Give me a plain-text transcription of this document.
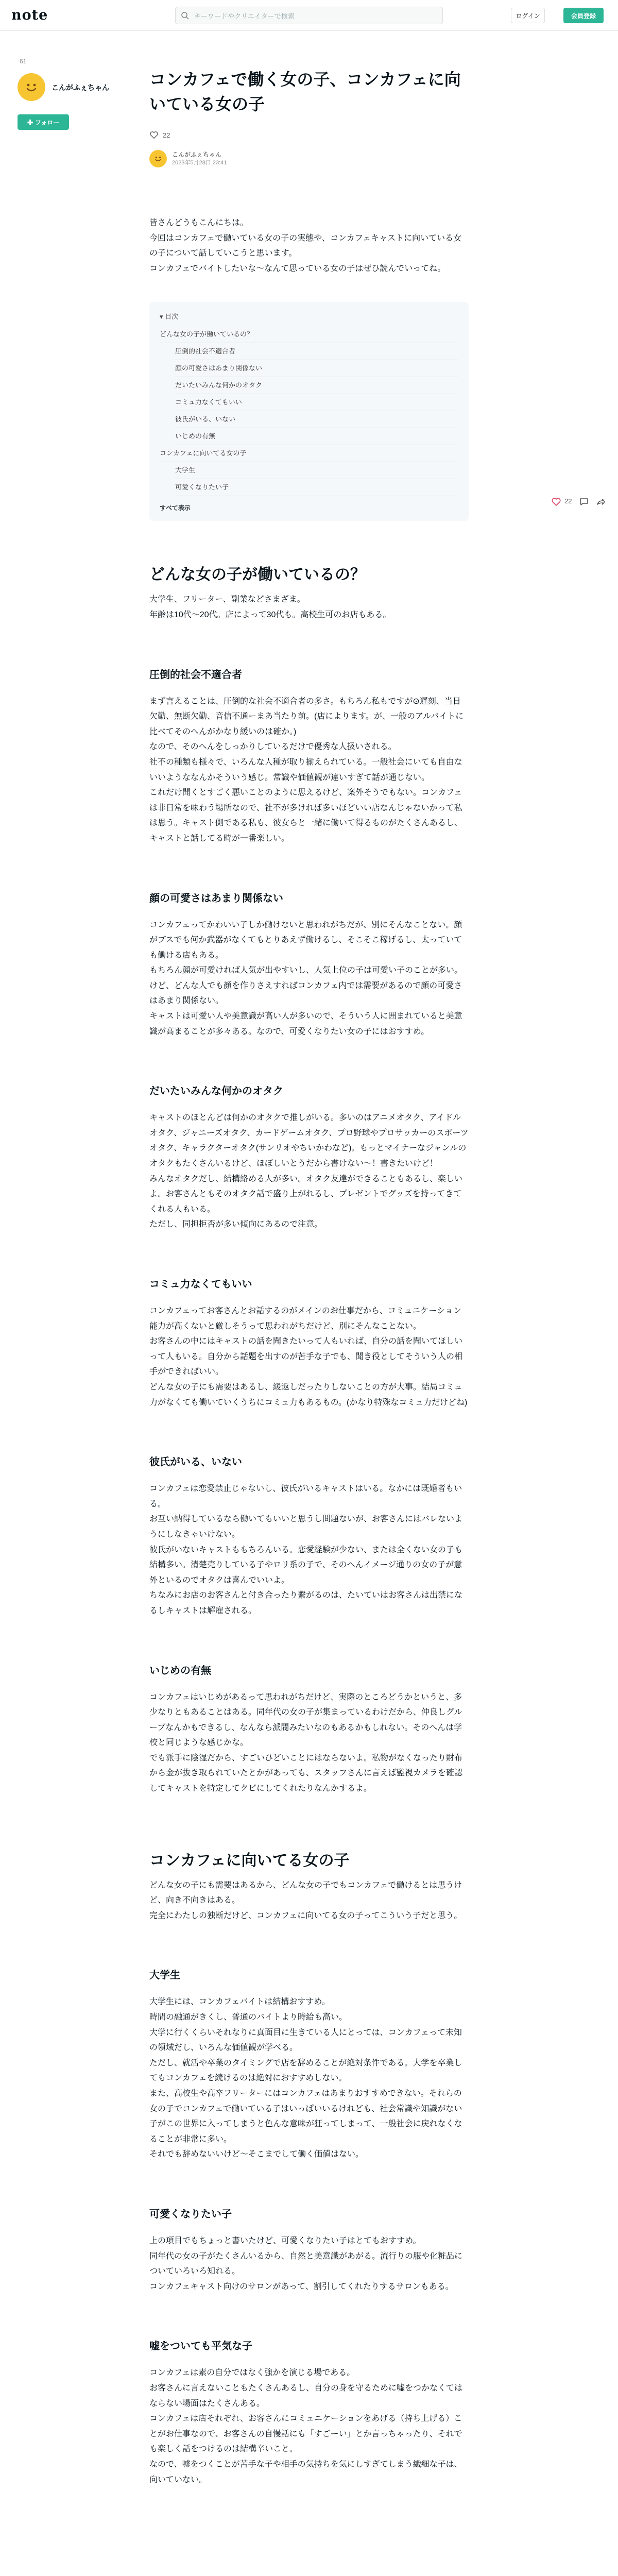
note
キーワードやクリエイターで検索	ログイン	会員登録
61
こんがふぇちゃん
✚ フォロー
22
コンカフェで働く女の子、コンカフェに向いている女の子
22
こんがふぇちゃん
2023年5月28日 23:41

皆さんどうもこんにちは。

今回はコンカフェで働いている女の子の実態や、コンカフェキャストに向いている女の子について話していこうと思います。

コンカフェでバイトしたいな〜なんて思っている女の子はぜひ読んでいってね。

▾ 目次
どんな女の子が働いているの？
圧倒的社会不適合者
顔の可愛さはあまり関係ない
だいたいみんな何かのオタク
コミュ力なくてもいい
彼氏がいる、いない
いじめの有無
コンカフェに向いてる女の子
大学生
可愛くなりたい子
すべて表示
どんな女の子が働いているの？

大学生、フリーター、副業などさまざま。

年齢は10代〜20代。店によって30代も。高校生可のお店もある。

圧倒的社会不適合者

まず言えることは、圧倒的な社会不適合者の多さ。もちろん私もですが⊙遅刻、当日欠勤、無断欠勤、音信不通ーまあ当たり前。(店によります。が、一般のアルバイトに比べてそのへんがかなり緩いのは確か。)

なので、そのへんをしっかりしているだけで優秀な人扱いされる。

社不の種類も様々で、いろんな人種が取り揃えられている。一般社会にいても自由ないいようななんかそういう感じ。常識や価値観が違いすぎて話が通じない。

これだけ聞くとすごく悪いことのように思えるけど、案外そうでもない。コンカフェは非日常を味わう場所なので、社不が多ければ多いほどいい店なんじゃないかって私は思う。キャスト側である私も、彼女らと一緒に働いて得るものがたくさんあるし、キャストと話してる時が一番楽しい。

顔の可愛さはあまり関係ない

コンカフェってかわいい子しか働けないと思われがちだが、別にそんなことない。顔がブスでも何か武器がなくてもとりあえず働けるし、そこそこ稼げるし、太っていても働ける店もある。

もちろん顔が可愛ければ人気が出やすいし、人気上位の子は可愛い子のことが多い。けど、どんな人でも顔を作りさえすればコンカフェ内では需要があるので顔の可愛さはあまり関係ない。

キャストは可愛い人や美意識が高い人が多いので、そういう人に囲まれていると美意識が高まることが多々ある。なので、可愛くなりたい女の子にはおすすめ。

だいたいみんな何かのオタク

キャストのほとんどは何かのオタクで推しがいる。多いのはアニメオタク、アイドルオタク、ジャニーズオタク、カードゲームオタク、プロ野球やプロサッカーのスポーツオタク、キャラクターオタク(サンリオやちいかわなど)。もっとマイナーなジャンルのオタクもたくさんいるけど、ほぼしいとうだから書けない〜！書きたいけど！

みんなオタクだし、結構絡める人が多い。オタク友達ができることもあるし、楽しいよ。お客さんともそのオタク話で盛り上がれるし、プレゼントでグッズを持ってきてくれる人もいる。

ただし、同担拒否が多い傾向にあるので注意。

コミュ力なくてもいい

コンカフェってお客さんとお話するのがメインのお仕事だから、コミュニケーション能力が高くないと厳しそうって思われがちだけど、別にそんなことない。

お客さんの中にはキャストの話を聞きたいって人もいれば、自分の話を聞いてほしいって人もいる。自分から話題を出すのが苦手な子でも、聞き役としてそういう人の相手ができればいい。

どんな女の子にも需要はあるし、緩返しだったりしないことの方が大事。結局コミュ力がなくても働いていくうちにコミュ力もあるもの。(かなり特殊なコミュ力だけどね)

彼氏がいる、いない

コンカフェは恋愛禁止じゃないし、彼氏がいるキャストはいる。なかには既婚者もいる。

お互い納得しているなら働いてもいいと思うし問題ないが、お客さんにはバレないようにしなきゃいけない。

彼氏がいないキャストももちろんいる。恋愛経験が少ない、または全くない女の子も結構多い。清楚売りしている子やロリ系の子で、そのへんイメージ通りの女の子が意外といるのでオタクは喜んでいいよ。

ちなみにお店のお客さんと付き合ったり繋がるのは、たいていはお客さんは出禁になるしキャストは解雇される。

いじめの有無

コンカフェはいじめがあるって思われがちだけど、実際のところどうかというと、多少なりともあることはある。同年代の女の子が集まっているわけだから、仲良しグループなんかもできるし、なんなら派閥みたいなのもあるかもしれない。そのへんは学校と同じような感じかな。

でも派手に陰湿だから、すごいひどいことにはならないよ。私物がなくなったり財布から金が抜き取られていたとかがあっても、スタッフさんに言えば監視カメラを確認してキャストを特定してクビにしてくれたりなんかするよ。

コンカフェに向いてる女の子

どんな女の子にも需要はあるから、どんな女の子でもコンカフェで働けるとは思うけど、向き不向きはある。

完全にわたしの独断だけど、コンカフェに向いてる女の子ってこういう子だと思う。

大学生

大学生には、コンカフェバイトは結構おすすめ。

時間の融通がきくし、普通のバイトより時給も高い。

大学に行くくらいそれなりに真面目に生きている人にとっては、コンカフェって未知の領域だし、いろんな価値観が学べる。

ただし、就活や卒業のタイミングで店を辞めることが絶対条件である。大学を卒業してもコンカフェを続けるのは絶対におすすめしない。

また、高校生や高卒フリーターにはコンカフェはあまりおすすめできない。それらの女の子でコンカフェで働いている子はいっぱいいるけれども、社会常識や知識がない子がこの世界に入ってしまうと色んな意味が狂ってしまって、一般社会に戻れなくなることが非常に多い。

それでも辞めないいけど〜そこまでして働く価値はない。

可愛くなりたい子

上の項目でもちょっと書いたけど、可愛くなりたい子はとてもおすすめ。

同年代の女の子がたくさんいるから、自然と美意識があがる。流行りの服や化粧品についていろいろ知れる。

コンカフェキャスト向けのサロンがあって、割引してくれたりするサロンもある。

嘘をついても平気な子

コンカフェは素の自分ではなく強かを演じる場である。

お客さんに言えないこともたくさんあるし、自分の身を守るために嘘をつかなくてはならない場面はたくさんある。

コンカフェは店それぞれ、お客さんにコミュニケーションをあげる（持ち上げる）ことがお仕事なので、お客さんの自慢話にも「すごーい」とか言っちゃったり、それでも楽しく話をつけるのは結構辛いこと。

なので、嘘をつくことが苦手な子や相手の気持ちを気にしすぎてしまう繊細な子は、向いていない。
